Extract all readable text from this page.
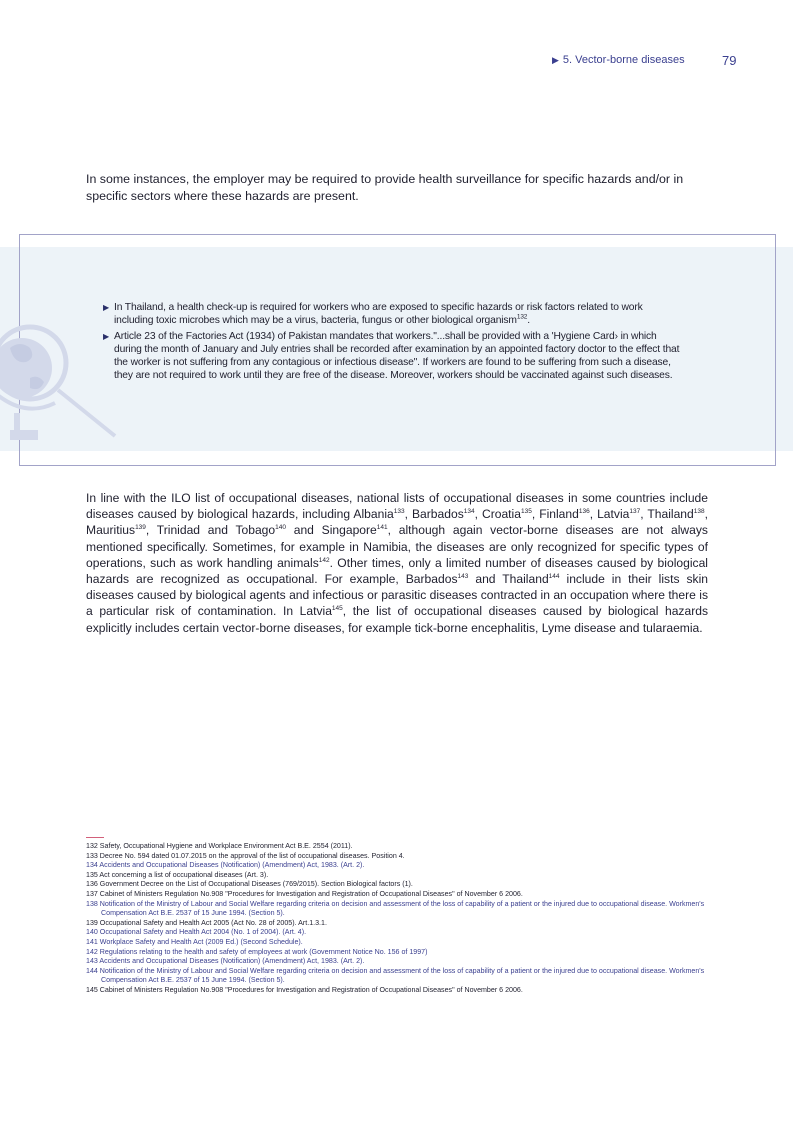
▶ 5. Vector-borne diseases	79

In some instances, the employer may be required to provide health surveillance for specific hazards and/or in specific sectors where these hazards are present.

▶ In Thailand, a health check-up is required for workers who are exposed to specific hazards or risk factors related to work including toxic microbes which may be a virus, bacteria, fungus or other biological organism$^{132}$.
▶ Article 23 of the Factories Act (1934) of Pakistan mandates that workers."...shall be provided with a 'Hygiene Card› in which during the month of January and July entries shall be recorded after examination by an appointed factory doctor to the effect that the worker is not suffering from any contagious or infectious disease". If workers are found to be suffering from such a disease, they are not required to work until they are free of the disease. Moreover, workers should be vaccinated against such diseases.

In line with the ILO list of occupational diseases, national lists of occupational diseases in some countries include diseases caused by biological hazards, including Albania$^{133}$, Barbados$^{134}$, Croatia$^{135}$, Finland$^{136}$, Latvia$^{137}$, Thailand$^{138}$, Mauritius$^{139}$, Trinidad and Tobago$^{140}$ and Singapore$^{141}$, although again vector-borne diseases are not always mentioned specifically. Sometimes, for example in Namibia, the diseases are only recognized for specific types of operations, such as work handling animals$^{142}$. Other times, only a limited number of diseases caused by biological hazards are recognized as occupational. For example, Barbados$^{143}$ and Thailand$^{144}$ include in their lists skin diseases caused by biological agents and infectious or parasitic diseases contracted in an occupation where there is a particular risk of contamination. In Latvia$^{145}$, the list of occupational diseases caused by biological hazards explicitly includes certain vector-borne diseases, for example tick-borne encephalitis, Lyme disease and tularaemia.

132 Safety, Occupational Hygiene and Workplace Environment Act B.E. 2554 (2011).
133 Decree No. 594 dated 01.07.2015 on the approval of the list of occupational diseases. Position 4.
134 Accidents and Occupational Diseases (Notification) (Amendment) Act, 1983. (Art. 2).
135 Act concerning a list of occupational diseases (Art. 3).
136 Government Decree on the List of Occupational Diseases (769/2015). Section Biological factors (1).
137 Cabinet of Ministers Regulation No.908 "Procedures for Investigation and Registration of Occupational Diseases" of November 6 2006.
138 Notification of the Ministry of Labour and Social Welfare regarding criteria on decision and assessment of the loss of capability of a patient or the injured due to occupational disease. Workmen's Compensation Act B.E. 2537 of 15 June 1994. (Section 5).
139 Occupational Safety and Health Act 2005 (Act No. 28 of 2005). Art.1.3.1.
140 Occupational Safety and Health Act 2004 (No. 1 of 2004). (Art. 4).
141 Workplace Safety and Health Act (2009 Ed.) (Second Schedule).
142 Regulations relating to the health and safety of employees at work (Government Notice No. 156 of 1997)
143 Accidents and Occupational Diseases (Notification) (Amendment) Act, 1983. (Art. 2).
144 Notification of the Ministry of Labour and Social Welfare regarding criteria on decision and assessment of the loss of capability of a patient or the injured due to occupational disease. Workmen's Compensation Act B.E. 2537 of 15 June 1994. (Section 5).
145 Cabinet of Ministers Regulation No.908 "Procedures for Investigation and Registration of Occupational Diseases" of November 6 2006.
